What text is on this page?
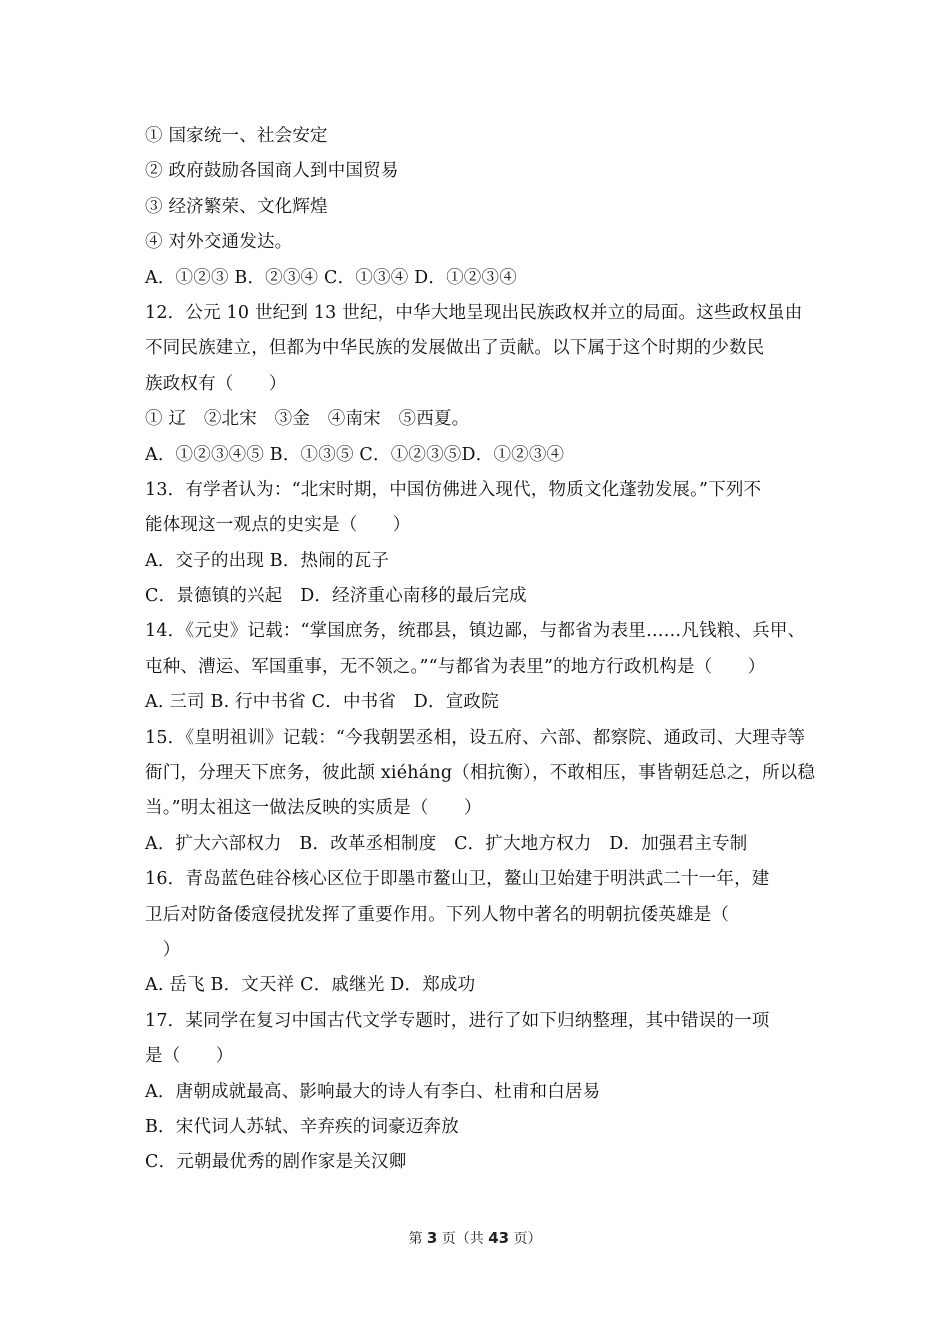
① 国家统一、社会安定
② 政府鼓励各国商人到中国贸易
③ 经济繁荣、文化辉煌
④ 对外交通发达。
A．①②③ B．②③④ C．①③④ D．①②③④
12．公元 10 世纪到 13 世纪，中华大地呈现出民族政权并立的局面。这些政权虽由
不同民族建立，但都为中华民族的发展做出了贡献。以下属于这个时期的少数民
族政权有（　　）
① 辽　②北宋　③金　④南宋　⑤西夏。
A．①②③④⑤ B．①③⑤ C．①②③⑤D．①②③④
13．有学者认为：“北宋时期，中国仿佛进入现代，物质文化蓬勃发展。”下列不
能体现这一观点的史实是（　　）
A．交子的出现 B．热闹的瓦子
C．景德镇的兴起　D．经济重心南移的最后完成
14．《元史》记载：“掌国庶务，统郡县，镇边鄙，与都省为表里……凡钱粮、兵甲、
屯种、漕运、军国重事，无不领之。”“与都省为表里”的地方行政机构是（　　）
A. 三司 B. 行中书省 C．中书省　D．宣政院
15．《皇明祖训》记载：“今我朝罢丞相，设五府、六部、都察院、通政司、大理寺等
衙门，分理天下庶务，彼此颉 xiéháng（相抗衡），不敢相压，事皆朝廷总之，所以稳
当。”明太祖这一做法反映的实质是（　　）
A．扩大六部权力　B．改革丞相制度　C．扩大地方权力　D．加强君主专制
16．青岛蓝色硅谷核心区位于即墨市鳌山卫，鳌山卫始建于明洪武二十一年，建
卫后对防备倭寇侵扰发挥了重要作用。下列人物中著名的明朝抗倭英雄是（
　）
A. 岳飞 B．文天祥 C．戚继光 D．郑成功
17．某同学在复习中国古代文学专题时，进行了如下归纳整理，其中错误的一项
是（　　）
A．唐朝成就最高、影响最大的诗人有李白、杜甫和白居易
B．宋代词人苏轼、辛弃疾的词豪迈奔放
C．元朝最优秀的剧作家是关汉卿
第 3 页（共 43 页）
